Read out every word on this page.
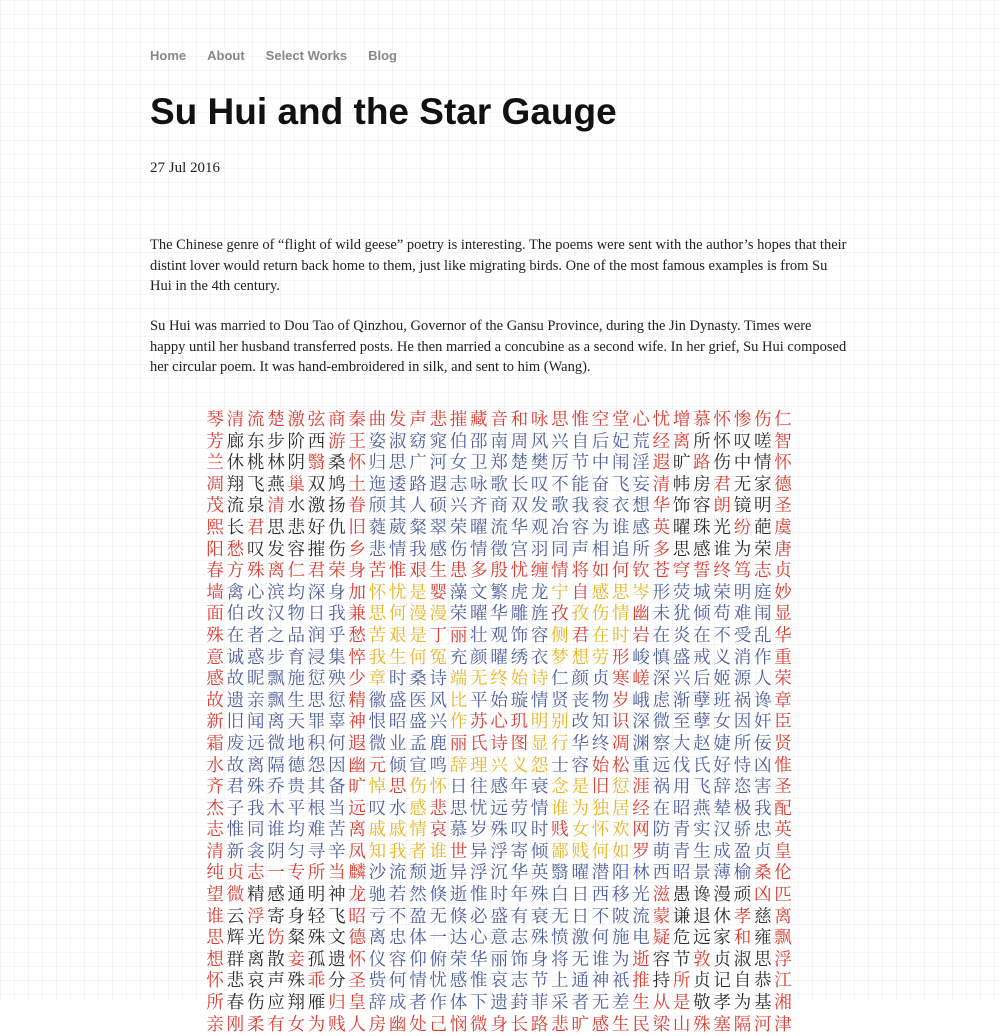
Home About Select Works Blog
Su Hui and the Star Gauge
27 Jul 2016

The Chinese genre of “flight of wild geese” poetry is interesting. The poems were sent with the author’s hopes that their distint lover would return back home to them, just like migrating birds. One of the most famous examples is from Su Hui in the 4th century.

Su Hui was married to Dou Tao of Qinzhou, Governor of the Gansu Province, during the Jin Dynasty. Times were happy until her husband transferred posts. He then married a concubine as a second wife. In her grief, Su Hui composed her circular poem. It was hand-embroidered in silk, and sent to him (Wang).

琴 清 流 楚 激 弦 商 秦 曲 发 声 悲 摧 藏 音 和 咏 思 惟 空 堂 心 忧 增 慕 怀 惨 伤 仁
芳 廊 东 步 阶 西 游 王 姿 淑 窈 窕 伯 邵 南 周 风 兴 自 后 妃 荒 经 离 所 怀 叹 嗟 智
兰 休 桃 林 阴 翳 桑 怀 归 思 广 河 女 卫 郑 楚 樊 厉 节 中 闱 淫 遐 旷 路 伤 中 情 怀
凋 翔 飞 燕 巢 双 鸠 土 迤 逶 路 遐 志 咏 歌 长 叹 不 能 奋 飞 妄 清 帏 房 君 无 家 德
茂 流 泉 清 水 激 扬 眷 颀 其 人 硕 兴 齐 商 双 发 歌 我 衮 衣 想 华 饰 容 朗 镜 明 圣
熙 长 君 思 悲 好 仇 旧 蕤 葳 粲 翠 荣 曜 流 华 观 冶 容 为 谁 感 英 曜 珠 光 纷 葩 虞
阳 愁 叹 发 容 摧 伤 乡 悲 情 我 感 伤 情 徵 宫 羽 同 声 相 追 所 多 思 感 谁 为 荣 唐
春 方 殊 离 仁 君 荣 身 苦 惟 艰 生 患 多 殷 忧 缠 情 将 如 何 钦 苍 穹 誓 终 笃 志 贞
墙 禽 心 滨 均 深 身 加 怀 忧 是 婴 藻 文 繁 虎 龙 宁 自 感 思 岑 形 荧 城 荣 明 庭 妙
面 伯 改 汉 物 日 我 兼 思 何 漫 漫 荣 曜 华 雕 旌 孜 孜 伤 情 幽 未 犹 倾 苟 难 闱 显
殊 在 者 之 品 润 乎 愁 苦 艰 是 丁 丽 壮 观 饰 容 侧 君 在 时 岩 在 炎 在 不 受 乱 华
意 诚 惑 步 育 浸 集 悴 我 生 何 冤 充 颜 曜 绣 衣 梦 想 劳 形 峻 慎 盛 戒 义 消 作 重
感 故 昵 飘 施 愆 殃 少 章 时 桑 诗 端 无 终 始 诗 仁 颜 贞 寒 嵯 深 兴 后 姬 源 人 荣
故 遗 亲 飘 生 思 愆 精 徽 盛 医 风 比 平 始 璇 情 贤 丧 物 岁 峨 虑 渐 孽 班 祸 谗 章
新 旧 闻 离 天 罪 辜 神 恨 昭 盛 兴 作 苏 心 玑 明 别 改 知 识 深 微 至 孽 女 因 奸 臣
霜 废 远 微 地 积 何 遐 微 业 孟 鹿 丽 氏 诗 图 显 行 华 终 凋 渊 察 大 赵 婕 所 佞 贤
水 故 离 隔 德 怨 因 幽 元 倾 宣 鸣 辞 理 兴 义 怨 士 容 始 松 重 远 伐 氏 好 恃 凶 惟
齐 君 殊 乔 贵 其 备 旷 悼 思 伤 怀 日 往 感 年 衰 念 是 旧 愆 涯 祸 用 飞 辞 恣 害 圣
杰 子 我 木 平 根 当 远 叹 水 感 悲 思 忧 远 劳 情 谁 为 独 居 经 在 昭 燕 辇 极 我 配
志 惟 同 谁 均 难 苦 离 戚 戚 情 哀 慕 岁 殊 叹 时 贱 女 怀 欢 网 防 青 实 汉 骄 忠 英
清 新 衾 阴 匀 寻 辛 凤 知 我 者 谁 世 异 浮 寄 倾 鄙 贱 何 如 罗 萌 青 生 成 盈 贞 皇
纯 贞 志 一 专 所 当 麟 沙 流 颓 逝 异 浮 沉 华 英 翳 曜 潜 阳 林 西 昭 景 薄 榆 桑 伦
望 微 精 感 通 明 神 龙 驰 若 然 倏 逝 惟 时 年 殊 白 日 西 移 光 滋 愚 谗 漫 顽 凶 匹
谁 云 浮 寄 身 轻 飞 昭 亏 不 盈 无 倏 必 盛 有 衰 无 日 不 陂 流 蒙 谦 退 休 孝 慈 离
思 辉 光 饬 粲 殊 文 德 离 忠 体 一 达 心 意 志 殊 愤 激 何 施 电 疑 危 远 家 和 雍 飘
想 群 离 散 妾 孤 遗 怀 仪 容 仰 俯 荣 华 丽 饰 身 将 无 谁 为 逝 容 节 敦 贞 淑 思 浮
怀 悲 哀 声 殊 乖 分 圣 赀 何 情 忧 感 惟 哀 志 节 上 通 神 祇 推 持 所 贞 记 自 恭 江
所 春 伤 应 翔 雁 归 皇 辞 成 者 作 体 下 遗 葑 菲 采 者 无 差 生 从 是 敬 孝 为 基 湘
亲 刚 柔 有 女 为 贱 人 房 幽 处 己 悯 微 身 长 路 悲 旷 感 生 民 梁 山 殊 塞 隔 河 津
